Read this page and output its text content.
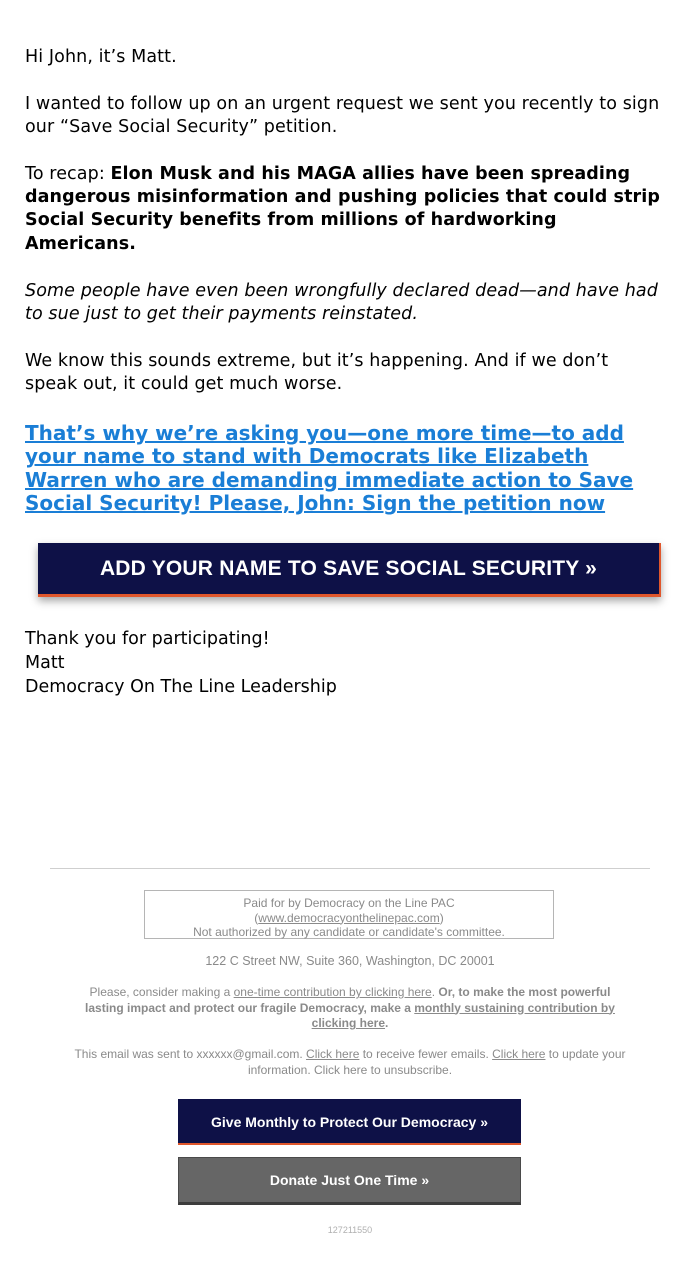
Hi John, it’s Matt.

I wanted to follow up on an urgent request we sent you recently to sign our “Save Social Security” petition.

To recap: Elon Musk and his MAGA allies have been spreading dangerous misinformation and pushing policies that could strip Social Security benefits from millions of hardworking Americans.

Some people have even been wrongfully declared dead—and have had to sue just to get their payments reinstated.

We know this sounds extreme, but it’s happening. And if we don’t speak out, it could get much worse.

That’s why we’re asking you—one more time—to add your name to stand with Democrats like Elizabeth Warren who are demanding immediate action to Save Social Security! Please, John: Sign the petition now
ADD YOUR NAME TO SAVE SOCIAL SECURITY »
Thank you for participating!
Matt
Democracy On The Line Leadership
Paid for by Democracy on the Line PAC
(www.democracyonthelinepac.com)
Not authorized by any candidate or candidate's committee.
122 C Street NW, Suite 360, Washington, DC 20001
Please, consider making a one-time contribution by clicking here. Or, to make the most powerful lasting impact and protect our fragile Democracy, make a monthly sustaining contribution by clicking here.
This email was sent to xxxxxx@gmail.com. Click here to receive fewer emails. Click here to update your information. Click here to unsubscribe.
Give Monthly to Protect Our Democracy »
Donate Just One Time »
127211550
